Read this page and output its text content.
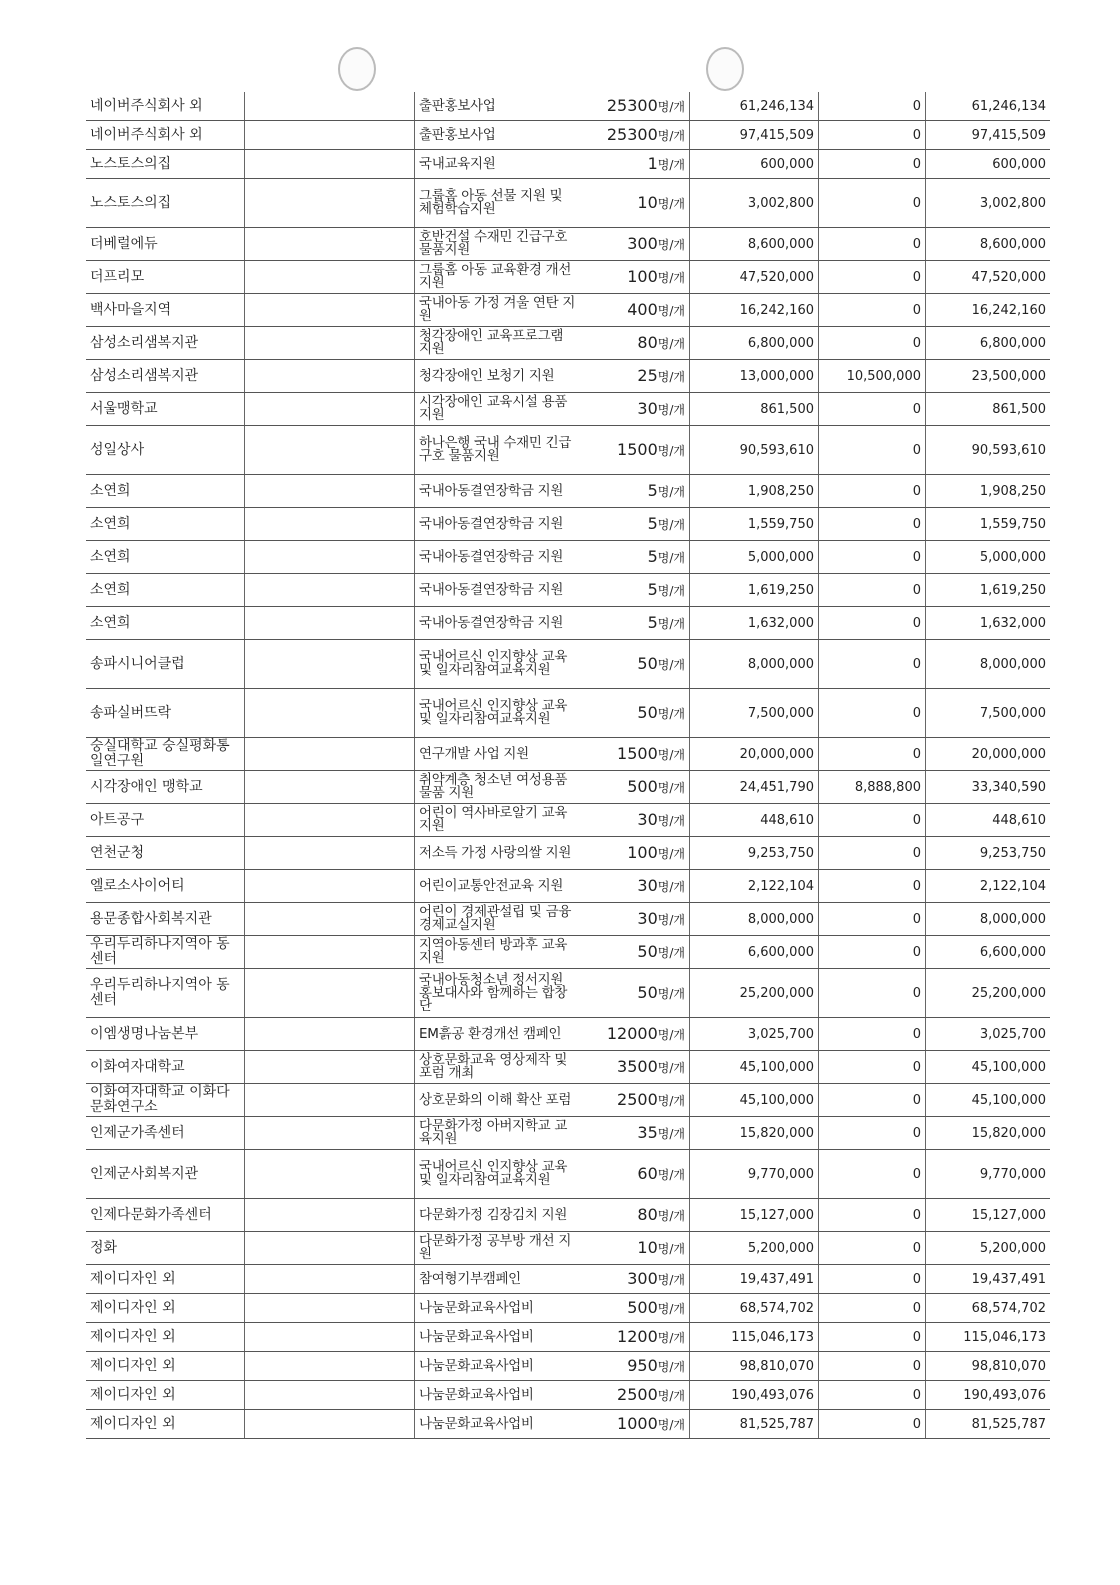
네이버주식회사 외		출판홍보사업	25300명/개	61,246,134	0	61,246,134
네이버주식회사 외		출판홍보사업	25300명/개	97,415,509	0	97,415,509
노스토스의집		국내교육지원	1명/개	600,000	0	600,000
노스토스의집		그룹홈 아동 선물 지원 및 체험학습지원	10명/개	3,002,800	0	3,002,800
더베럴에듀		호반건설 수재민 긴급구호 물품지원	300명/개	8,600,000	0	8,600,000
더프리모		그룹홈 아동 교육환경 개선 지원	100명/개	47,520,000	0	47,520,000
백사마을지역		국내아동 가정 겨울 연탄 지원	400명/개	16,242,160	0	16,242,160
삼성소리샘복지관		청각장애인 교육프로그램 지원	80명/개	6,800,000	0	6,800,000
삼성소리샘복지관		청각장애인 보청기 지원	25명/개	13,000,000	10,500,000	23,500,000
서울맹학교		시각장애인 교육시설 용품 지원	30명/개	861,500	0	861,500
성일상사		하나은행 국내 수재민 긴급구호 물품지원	1500명/개	90,593,610	0	90,593,610
소연희		국내아동결연장학금 지원	5명/개	1,908,250	0	1,908,250
소연희		국내아동결연장학금 지원	5명/개	1,559,750	0	1,559,750
소연희		국내아동결연장학금 지원	5명/개	5,000,000	0	5,000,000
소연희		국내아동결연장학금 지원	5명/개	1,619,250	0	1,619,250
소연희		국내아동결연장학금 지원	5명/개	1,632,000	0	1,632,000
송파시니어클럽		국내어르신 인지향상 교육 및 일자리참여교육지원	50명/개	8,000,000	0	8,000,000
송파실버뜨락		국내어르신 인지향상 교육 및 일자리참여교육지원	50명/개	7,500,000	0	7,500,000
숭실대학교 숭실평화통일연구원		연구개발 사업 지원	1500명/개	20,000,000	0	20,000,000
시각장애인 맹학교		취약계층 청소년 여성용품 물품 지원	500명/개	24,451,790	8,888,800	33,340,590
아트공구		어린이 역사바로알기 교육지원	30명/개	448,610	0	448,610
연천군청		저소득 가정 사랑의쌀 지원	100명/개	9,253,750	0	9,253,750
엘로소사이어티		어린이교통안전교육 지원	30명/개	2,122,104	0	2,122,104
용문종합사회복지관		어린이 경제관설립 및 금융경제교실지원	30명/개	8,000,000	0	8,000,000
우리두리하나지역아 동센터		지역아동센터 방과후 교육지원	50명/개	6,600,000	0	6,600,000
우리두리하나지역아 동센터		국내아동청소년 정서지원 홍보대사와 함께하는 합창단	50명/개	25,200,000	0	25,200,000
이엠생명나눔본부		EM흙공 환경개선 캠페인	12000명/개	3,025,700	0	3,025,700
이화여자대학교		상호문화교육 영상제작 및 포럼 개최	3500명/개	45,100,000	0	45,100,000
이화여자대학교 이화다문화연구소		상호문화의 이해 확산 포럼	2500명/개	45,100,000	0	45,100,000
인제군가족센터		다문화가정 아버지학교 교육지원	35명/개	15,820,000	0	15,820,000
인제군사회복지관		국내어르신 인지향상 교육 및 일자리참여교육지원	60명/개	9,770,000	0	9,770,000
인제다문화가족센터		다문화가정 김장김치 지원	80명/개	15,127,000	0	15,127,000
정화		다문화가정 공부방 개선 지원	10명/개	5,200,000	0	5,200,000
제이디자인 외		참여형기부캠페인	300명/개	19,437,491	0	19,437,491
제이디자인 외		나눔문화교육사업비	500명/개	68,574,702	0	68,574,702
제이디자인 외		나눔문화교육사업비	1200명/개	115,046,173	0	115,046,173
제이디자인 외		나눔문화교육사업비	950명/개	98,810,070	0	98,810,070
제이디자인 외		나눔문화교육사업비	2500명/개	190,493,076	0	190,493,076
제이디자인 외		나눔문화교육사업비	1000명/개	81,525,787	0	81,525,787
